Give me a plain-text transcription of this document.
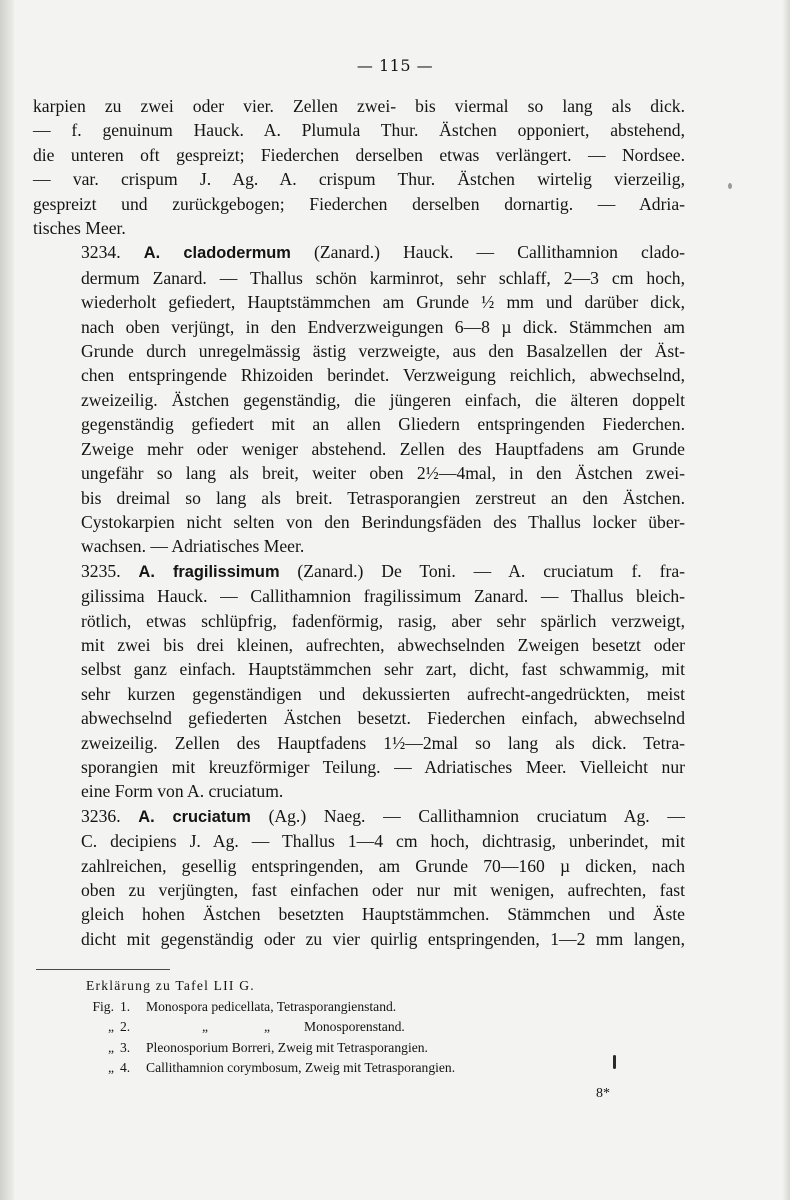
— 115 —

karpien zu zwei oder vier. Zellen zwei- bis viermal so lang als dick.
— f. genuinum Hauck. A. Plumula Thur. Ästchen opponiert, abstehend,
die unteren oft gespreizt; Fiederchen derselben etwas verlängert. — Nordsee.
— var. crispum J. Ag. A. crispum Thur. Ästchen wirtelig vierzeilig,
gespreizt und zurückgebogen; Fiederchen derselben dornartig. — Adria-
tisches Meer.

3234. A. cladodermum (Zanard.) Hauck. — Callithamnion clado-
dermum Zanard. — Thallus schön karminrot, sehr schlaff, 2—3 cm hoch,
wiederholt gefiedert, Hauptstämmchen am Grunde ½ mm und darüber dick,
nach oben verjüngt, in den Endverzweigungen 6—8 µ dick. Stämmchen am
Grunde durch unregelmässig ästig verzweigte, aus den Basalzellen der Äst-
chen entspringende Rhizoiden berindet. Verzweigung reichlich, abwechselnd,
zweizeilig. Ästchen gegenständig, die jüngeren einfach, die älteren doppelt
gegenständig gefiedert mit an allen Gliedern entspringenden Fiederchen.
Zweige mehr oder weniger abstehend. Zellen des Hauptfadens am Grunde
ungefähr so lang als breit, weiter oben 2½—4mal, in den Ästchen zwei-
bis dreimal so lang als breit. Tetrasporangien zerstreut an den Ästchen.
Cystokarpien nicht selten von den Berindungsfäden des Thallus locker über-
wachsen. — Adriatisches Meer.

3235. A. fragilissimum (Zanard.) De Toni. — A. cruciatum f. fra-
gilissima Hauck. — Callithamnion fragilissimum Zanard. — Thallus bleich-
rötlich, etwas schlüpfrig, fadenförmig, rasig, aber sehr spärlich verzweigt,
mit zwei bis drei kleinen, aufrechten, abwechselnden Zweigen besetzt oder
selbst ganz einfach. Hauptstämmchen sehr zart, dicht, fast schwammig, mit
sehr kurzen gegenständigen und dekussierten aufrecht-angedrückten, meist
abwechselnd gefiederten Ästchen besetzt. Fiederchen einfach, abwechselnd
zweizeilig. Zellen des Hauptfadens 1½—2mal so lang als dick. Tetra-
sporangien mit kreuzförmiger Teilung. — Adriatisches Meer. Vielleicht nur
eine Form von A. cruciatum.

3236. A. cruciatum (Ag.) Naeg. — Callithamnion cruciatum Ag. —
C. decipiens J. Ag. — Thallus 1—4 cm hoch, dichtrasig, unberindet, mit
zahlreichen, gesellig entspringenden, am Grunde 70—160 µ dicken, nach
oben zu verjüngten, fast einfachen oder nur mit wenigen, aufrechten, fast
gleich hohen Ästchen besetzten Hauptstämmchen. Stämmchen und Äste
dicht mit gegenständig oder zu vier quirlig entspringenden, 1—2 mm langen,

Erklärung zu Tafel LII G.
Fig. 1.	Monospora pedicellata, Tetrasporangienstand.
„ 2.	„	„	Monosporenstand.
„ 3.	Pleonosporium Borreri, Zweig mit Tetrasporangien.
„ 4.	Callithamnion corymbosum, Zweig mit Tetrasporangien.
8*
